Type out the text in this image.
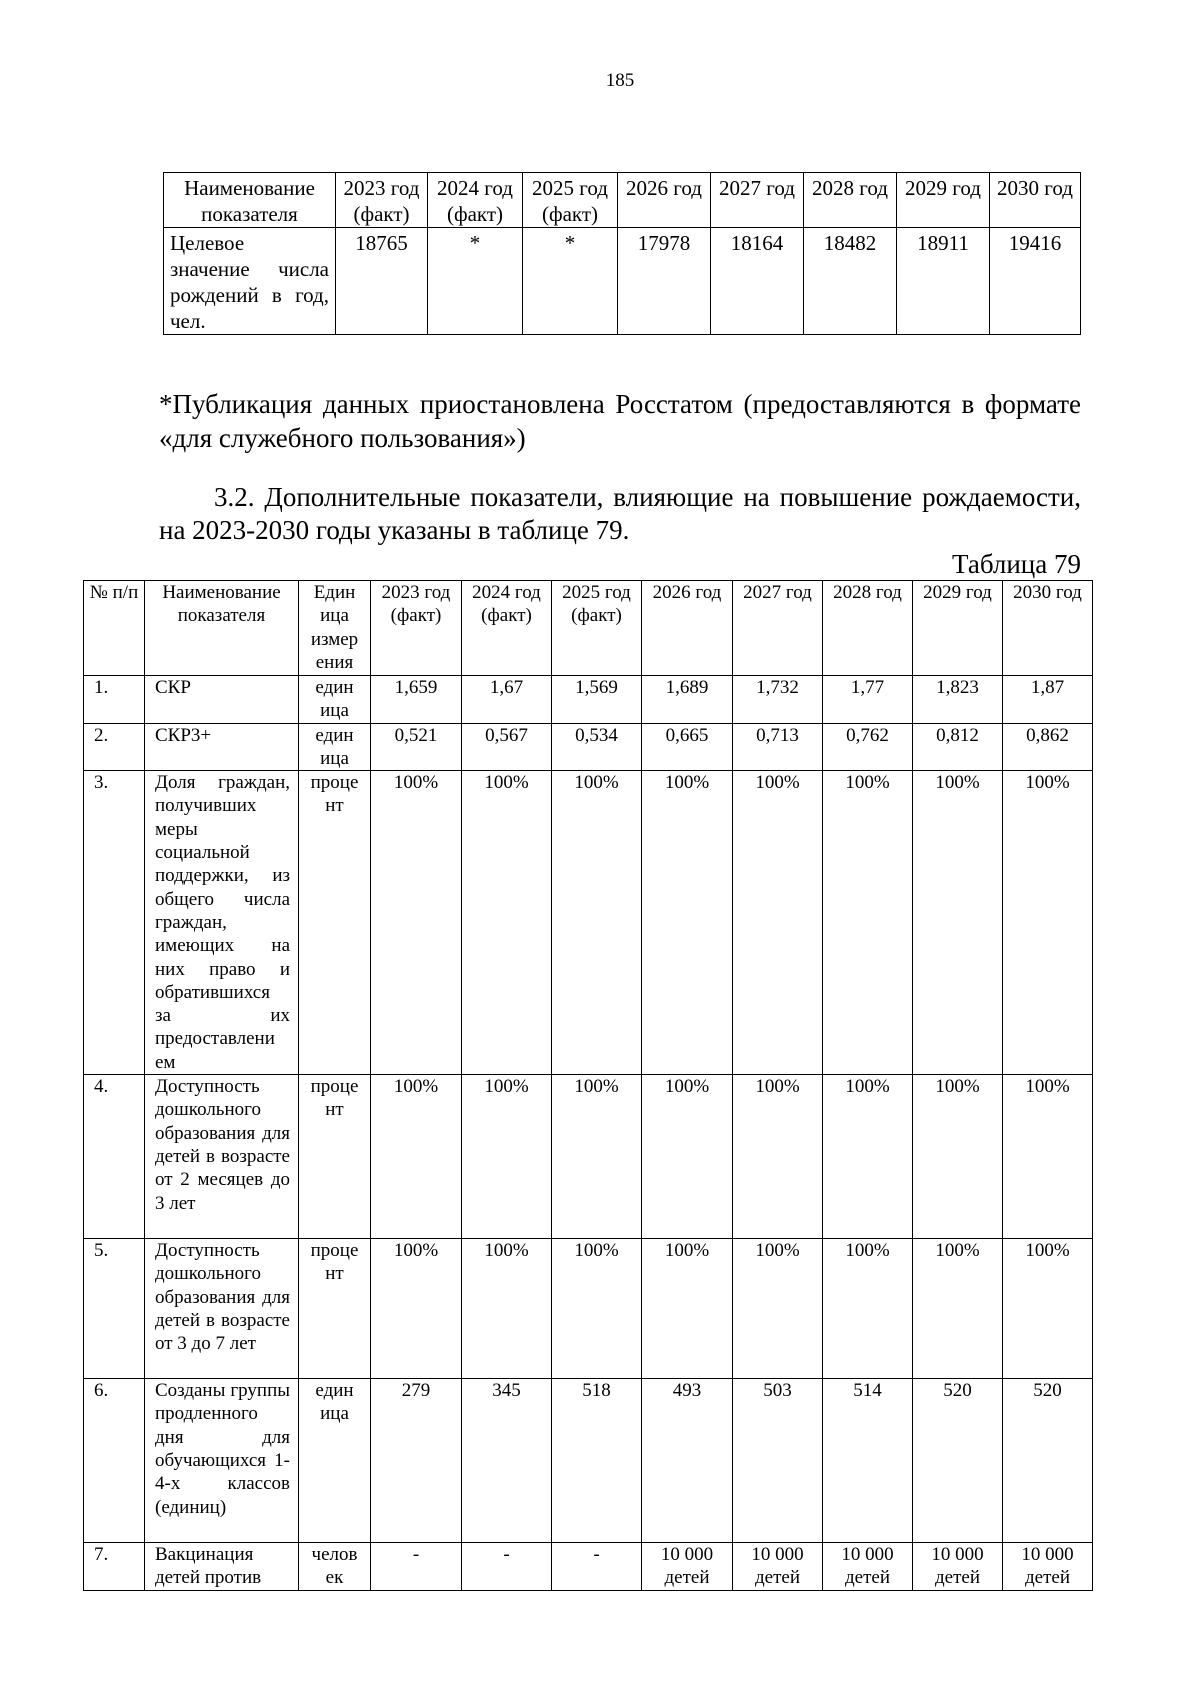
185
Наименование показателя	2023 год (факт)	2024 год (факт)	2025 год (факт)	2026 год	2027 год	2028 год	2029 год	2030 год
Целевое значение числа рождений в год, чел.	18765	*	*	17978	18164	18482	18911	19416
*Публикация данных приостановлена Росстатом (предоставляются в формате «для служебного пользования»)
3.2. Дополнительные показатели, влияющие на повышение рождаемости, на 2023-2030 годы указаны в таблице 79.
Таблица 79
№ п/п	Наименование показателя	Един ица измер ения	2023 год (факт)	2024 год (факт)	2025 год (факт)	2026 год	2027 год	2028 год	2029 год	2030 год
1.	СКР	един ица	1,659	1,67	1,569	1,689	1,732	1,77	1,823	1,87
2.	СКР3+	един ица	0,521	0,567	0,534	0,665	0,713	0,762	0,812	0,862
3.	Доля граждан, получивших меры социальной поддержки, из общего числа граждан, имеющих на них право и обратившихся за их предоставлени ем	проце нт	100%	100%	100%	100%	100%	100%	100%	100%
4.	Доступность дошкольного образования для детей в возрасте от 2 месяцев до 3 лет	проце нт	100%	100%	100%	100%	100%	100%	100%	100%
5.	Доступность дошкольного образования для детей в возрасте от 3 до 7 лет	проце нт	100%	100%	100%	100%	100%	100%	100%	100%
6.	Созданы группы продленного дня для обучающихся 1-4-х классов (единиц)	един ица	279	345	518	493	503	514	520	520
7.	Вакцинация детей против	челов ек	-	-	-	10 000 детей	10 000 детей	10 000 детей	10 000 детей	10 000 детей
